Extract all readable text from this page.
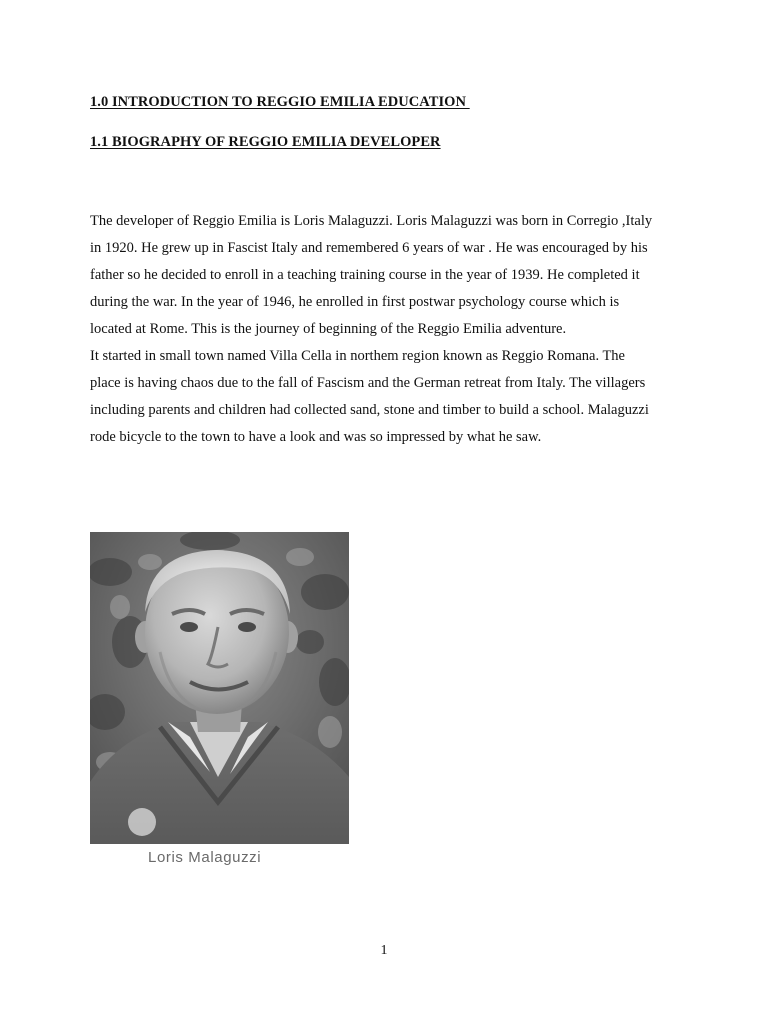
1.0 INTRODUCTION TO REGGIO EMILIA EDUCATION

1.1 BIOGRAPHY OF REGGIO EMILIA DEVELOPER

The developer of Reggio Emilia is Loris Malaguzzi. Loris Malaguzzi was born in Corregio ,Italy
in 1920. He grew up in Fascist Italy and remembered 6 years of war . He was encouraged by his
father so he decided to enroll in a teaching training course in the year of 1939. He completed it
during the war. In the year of 1946, he enrolled in first postwar psychology course which is
located at Rome. This is the journey of beginning of the Reggio Emilia adventure.

It started in small town named Villa Cella in northem region known as Reggio Romana. The
place is having chaos due to the fall of Fascism and the German retreat from Italy. The villagers
including parents and children had collected sand, stone and timber to build a school. Malaguzzi
rode bicycle to the town to have a look and was so impressed by what he saw.

Loris Malaguzzi

1
